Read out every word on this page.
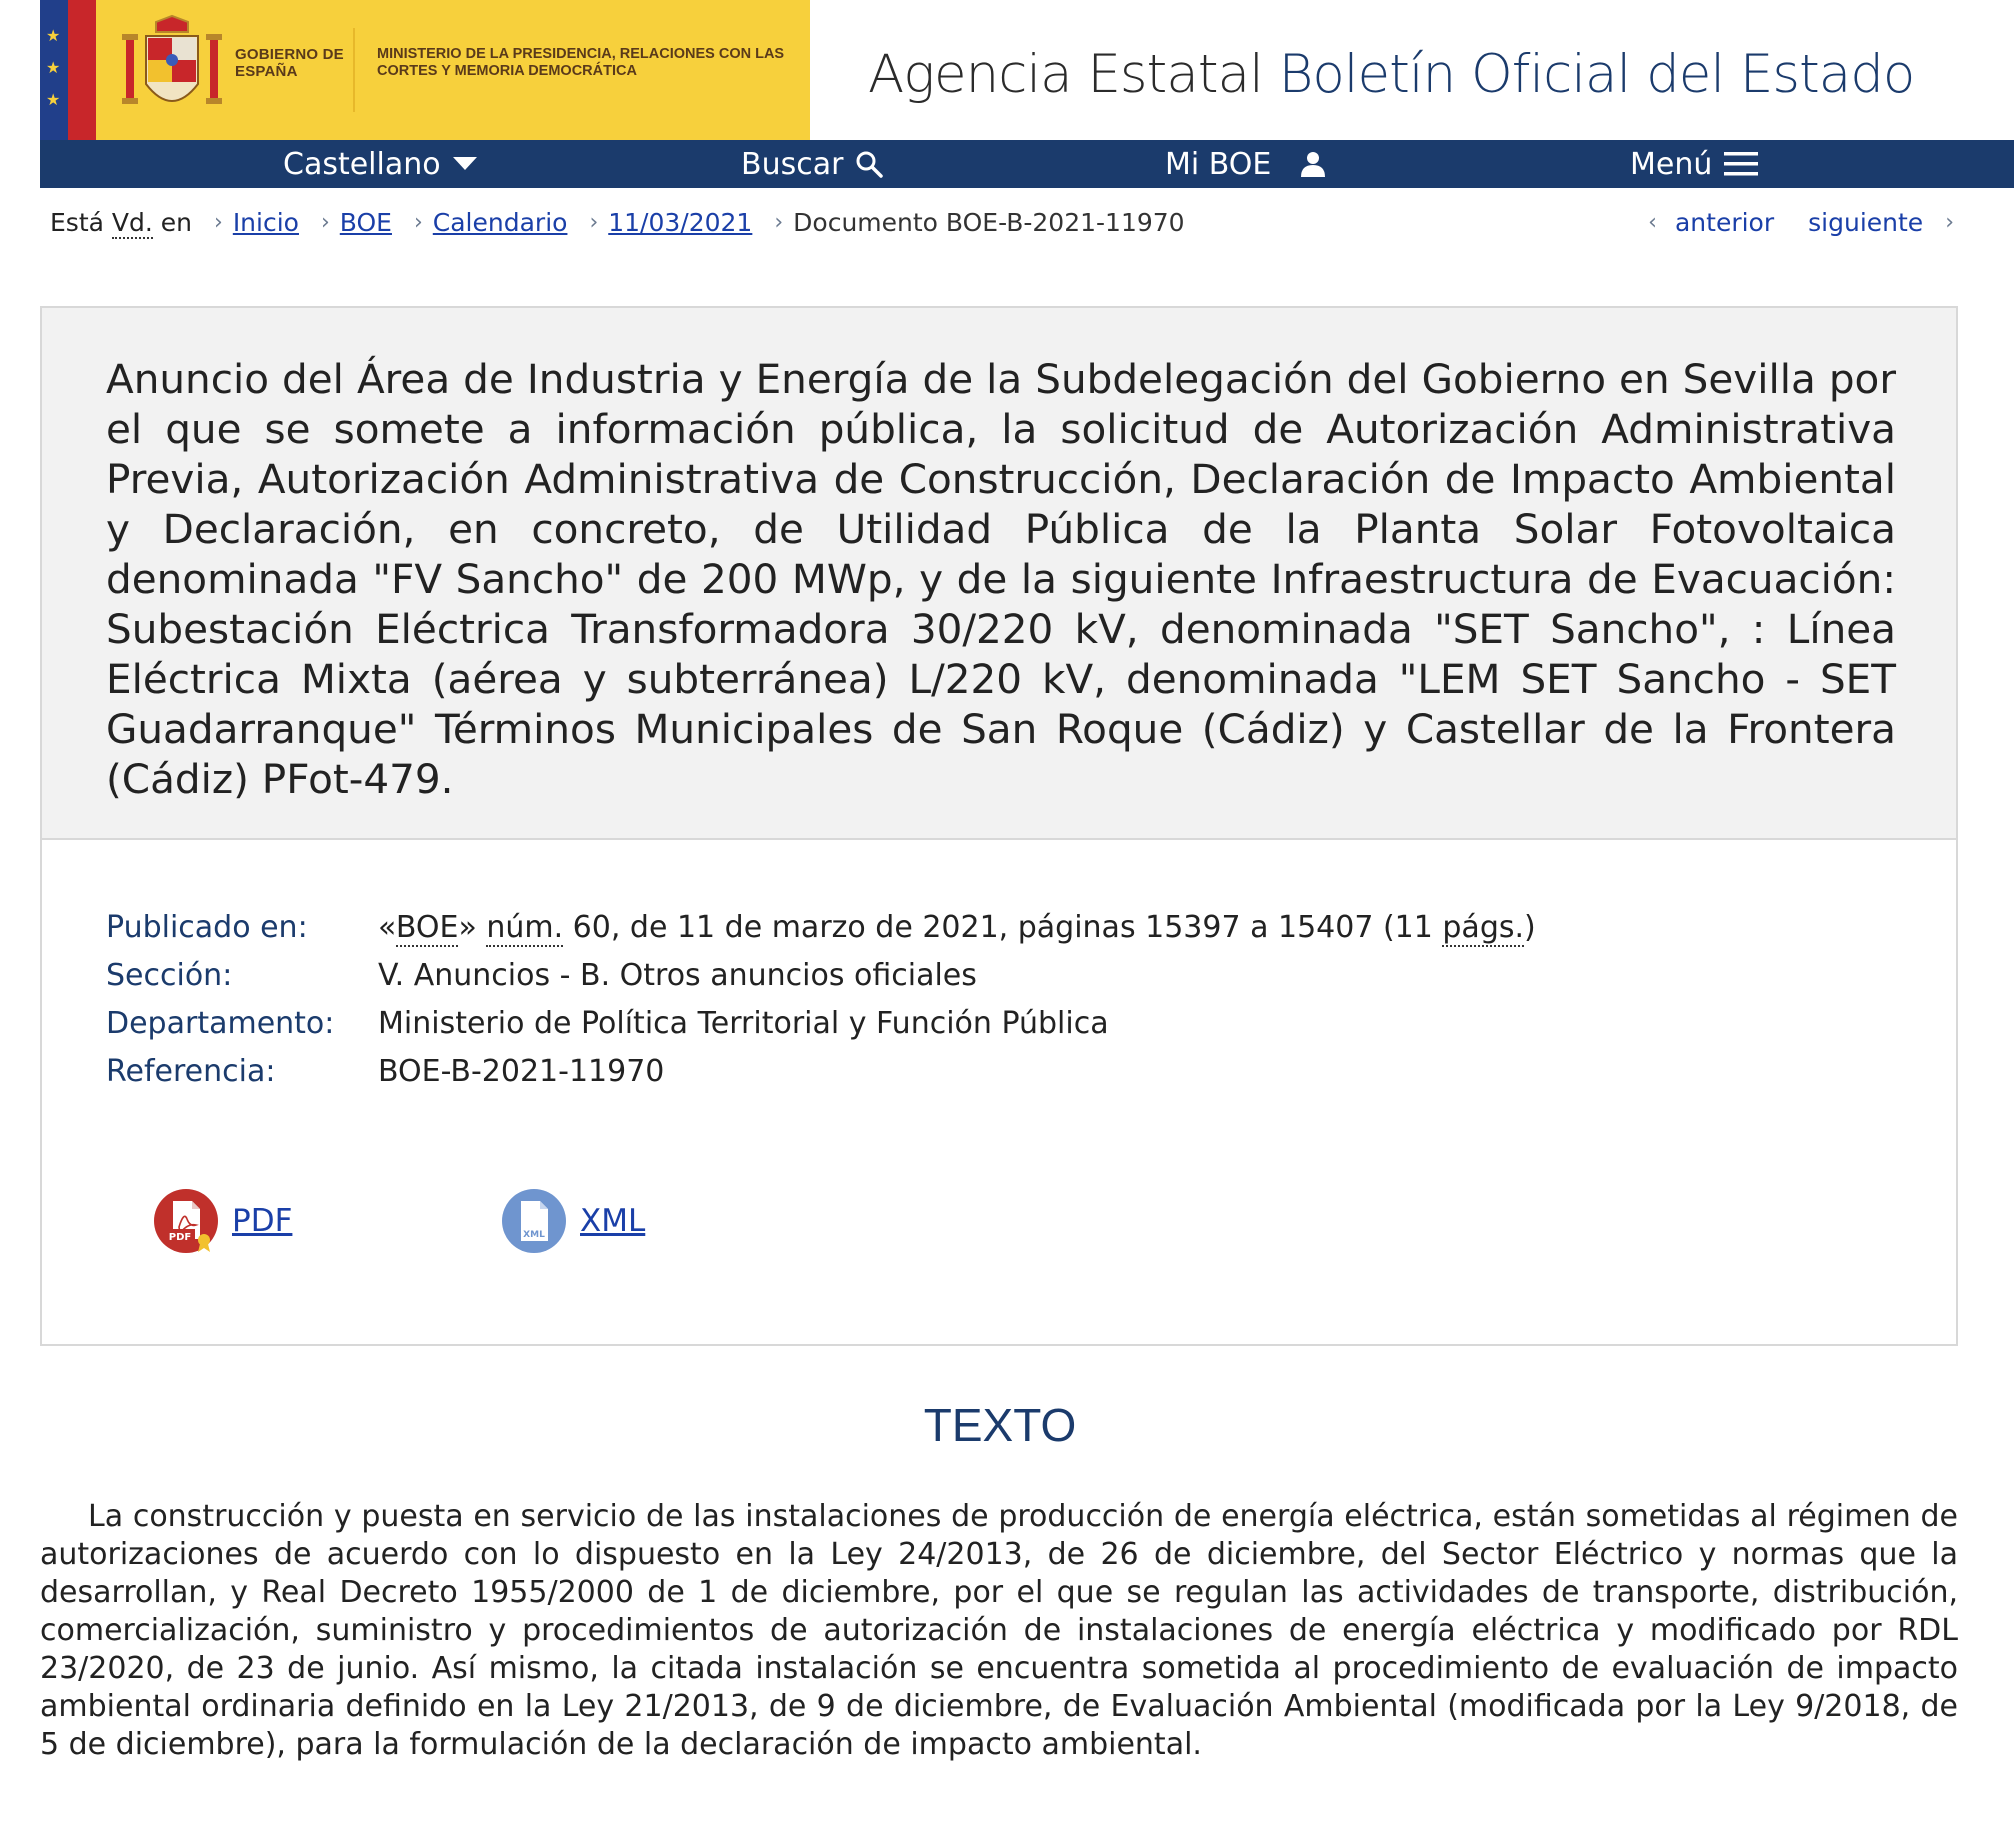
★
★
★
GOBIERNO DE ESPAÑA
MINISTERIO DE LA PRESIDENCIA, RELACIONES CON LAS CORTES Y MEMORIA DEMOCRÁTICA	Agencia Estatal Boletín Oficial del Estado
Castellano	Buscar	Mi BOE	Menú
Está Vd. en › Inicio › BOE › Calendario › 11/03/2021 › Documento BOE-B-2021-11970	‹ anterior siguiente ›
Anuncio del Área de Industria y Energía de la Subdelegación del Gobierno en Sevilla por el que se somete a información pública, la solicitud de Autorización Administrativa Previa, Autorización Administrativa de Construcción, Declaración de Impacto Ambiental y Declaración, en concreto, de Utilidad Pública de la Planta Solar Fotovoltaica denominada "FV Sancho" de 200 MWp, y de la siguiente Infraestructura de Evacuación: Subestación Eléctrica Transformadora 30/220 kV, denominada "SET Sancho", : Línea Eléctrica Mixta (aérea y subterránea) L/220 kV, denominada "LEM SET Sancho - SET Guadarranque" Términos Municipales de San Roque (Cádiz) y Castellar de la Frontera (Cádiz) PFot-479.
Publicado en: «BOE» núm. 60, de 11 de marzo de 2021, páginas 15397 a 15407 (11 págs.)
Sección:	V. Anuncios - B. Otros anuncios oficiales
Departamento: Ministerio de Política Territorial y Función Pública
Referencia:	BOE-B-2021-11970
PDF PDF	XML XML
TEXTO

La construcción y puesta en servicio de las instalaciones de producción de energía eléctrica, están sometidas al régimen de autorizaciones de acuerdo con lo dispuesto en la Ley 24/2013, de 26 de diciembre, del Sector Eléctrico y normas que la desarrollan, y Real Decreto 1955/2000 de 1 de diciembre, por el que se regulan las actividades de transporte, distribución, comercialización, suministro y procedimientos de autorización de instalaciones de energía eléctrica y modificado por RDL 23/2020, de 23 de junio. Así mismo, la citada instalación se encuentra sometida al procedimiento de evaluación de impacto ambiental ordinaria definido en la Ley 21/2013, de 9 de diciembre, de Evaluación Ambiental (modificada por la Ley 9/2018, de 5 de diciembre), para la formulación de la declaración de impacto ambiental.
